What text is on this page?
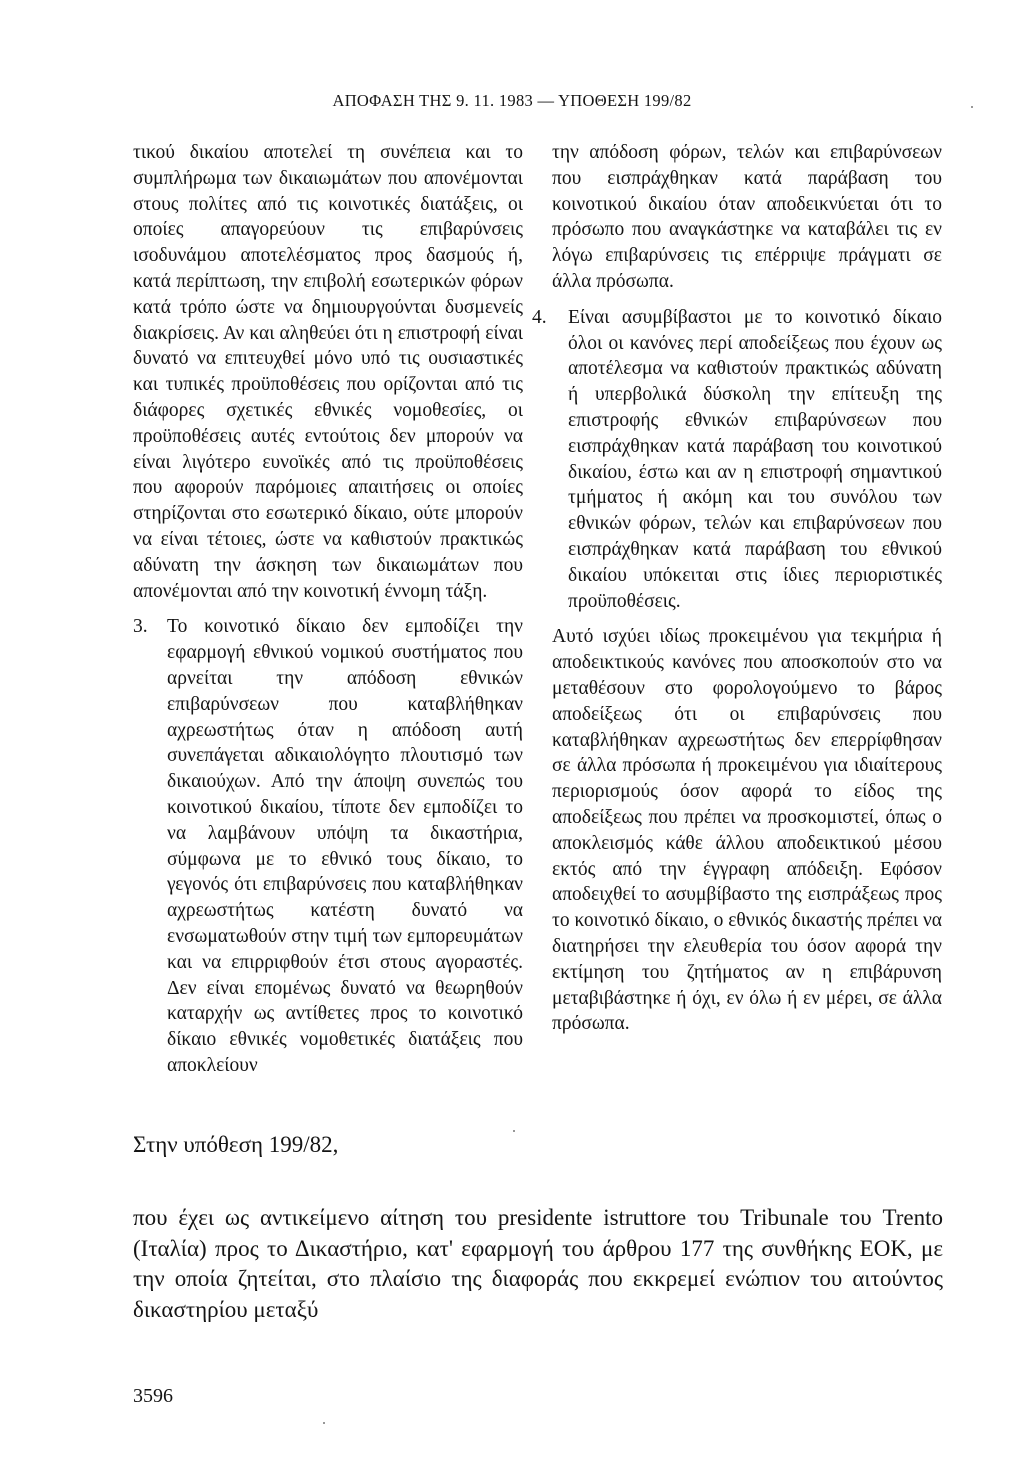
ΑΠΟΦΑΣΗ ΤΗΣ 9. 11. 1983 — ΥΠΟΘΕΣΗ 199/82

τικού δικαίου αποτελεί τη συνέπεια και το συμπλήρωμα των δικαιωμάτων που απονέμονται στους πολίτες από τις κοινοτικές διατάξεις, οι οποίες απαγορεύουν τις επιβαρύνσεις ισοδυνάμου αποτελέσματος προς δασμούς ή, κατά περίπτωση, την επιβολή εσωτερικών φόρων κατά τρόπο ώστε να δημιουργούνται δυσμενείς διακρίσεις. Αν και αληθεύει ότι η επιστροφή είναι δυνατό να επιτευχθεί μόνο υπό τις ουσιαστικές και τυπικές προϋποθέσεις που ορίζονται από τις διάφορες σχετικές εθνικές νομοθεσίες, οι προϋποθέσεις αυτές εντούτοις δεν μπορούν να είναι λιγότερο ευνοϊκές από τις προϋποθέσεις που αφορούν παρόμοιες απαιτήσεις οι οποίες στηρίζονται στο εσωτερικό δίκαιο, ούτε μπορούν να είναι τέτοιες, ώστε να καθιστούν πρακτικώς αδύνατη την άσκηση των δικαιωμάτων που απονέμονται από την κοινοτική έννομη τάξη.

3. Το κοινοτικό δίκαιο δεν εμποδίζει την εφαρμογή εθνικού νομικού συστήματος που αρνείται την απόδοση εθνικών επιβαρύνσεων που καταβλήθηκαν αχρεωστήτως όταν η απόδοση αυτή συνεπάγεται αδικαιολόγητο πλουτισμό των δικαιούχων. Από την άποψη συνεπώς του κοινοτικού δικαίου, τίποτε δεν εμποδίζει το να λαμβάνουν υπόψη τα δικαστήρια, σύμφωνα με το εθνικό τους δίκαιο, το γεγονός ότι επιβαρύνσεις που καταβλήθηκαν αχρεωστήτως κατέστη δυνατό να ενσωματωθούν στην τιμή των εμπορευμάτων και να επιρριφθούν έτσι στους αγοραστές. Δεν είναι επομένως δυνατό να θεωρηθούν καταρχήν ως αντίθετες προς το κοινοτικό δίκαιο εθνικές νομοθετικές διατάξεις που αποκλείουν

την απόδοση φόρων, τελών και επιβαρύνσεων που εισπράχθηκαν κατά παράβαση του κοινοτικού δικαίου όταν αποδεικνύεται ότι το πρόσωπο που αναγκάστηκε να καταβάλει τις εν λόγω επιβαρύνσεις τις επέρριψε πράγματι σε άλλα πρόσωπα.

4.	Είναι ασυμβίβαστοι με το κοινοτικό δίκαιο όλοι οι κανόνες περί αποδείξεως που έχουν ως αποτέλεσμα να καθιστούν πρακτικώς αδύνατη ή υπερβολικά δύσκολη την επίτευξη της επιστροφής εθνικών επιβαρύνσεων που εισπράχθηκαν κατά παράβαση του κοινοτικού δικαίου, έστω και αν η επιστροφή σημαντικού τμήματος ή ακόμη και του συνόλου των εθνικών φόρων, τελών και επιβαρύνσεων που εισπράχθηκαν κατά παράβαση του εθνικού δικαίου υπόκειται στις ίδιες περιοριστικές προϋποθέσεις.

Αυτό ισχύει ιδίως προκειμένου για τεκμήρια ή αποδεικτικούς κανόνες που αποσκοπούν στο να μεταθέσουν στο φορολογούμενο το βάρος αποδείξεως ότι οι επιβαρύνσεις που καταβλήθηκαν αχρεωστήτως δεν επερρίφθησαν σε άλλα πρόσωπα ή προκειμένου για ιδιαίτερους περιορισμούς όσον αφορά το είδος της αποδείξεως που πρέπει να προσκομιστεί, όπως ο αποκλεισμός κάθε άλλου αποδεικτικού μέσου εκτός από την έγγραφη απόδειξη. Εφόσον αποδειχθεί το ασυμβίβαστο της εισπράξεως προς το κοινοτικό δίκαιο, ο εθνικός δικαστής πρέπει να διατηρήσει την ελευθερία του όσον αφορά την εκτίμηση του ζητήματος αν η επιβάρυνση μεταβιβάστηκε ή όχι, εν όλω ή εν μέρει, σε άλλα πρόσωπα.

Στην υπόθεση 199/82,
που έχει ως αντικείμενο αίτηση του presidente istruttore του Tribunale του Trento (Ιταλία) προς το Δικαστήριο, κατ' εφαρμογή του άρθρου 177 της συνθήκης ΕΟΚ, με την οποία ζητείται, στο πλαίσιο της διαφοράς που εκκρεμεί ενώπιον του αιτούντος δικαστηρίου μεταξύ
3596
